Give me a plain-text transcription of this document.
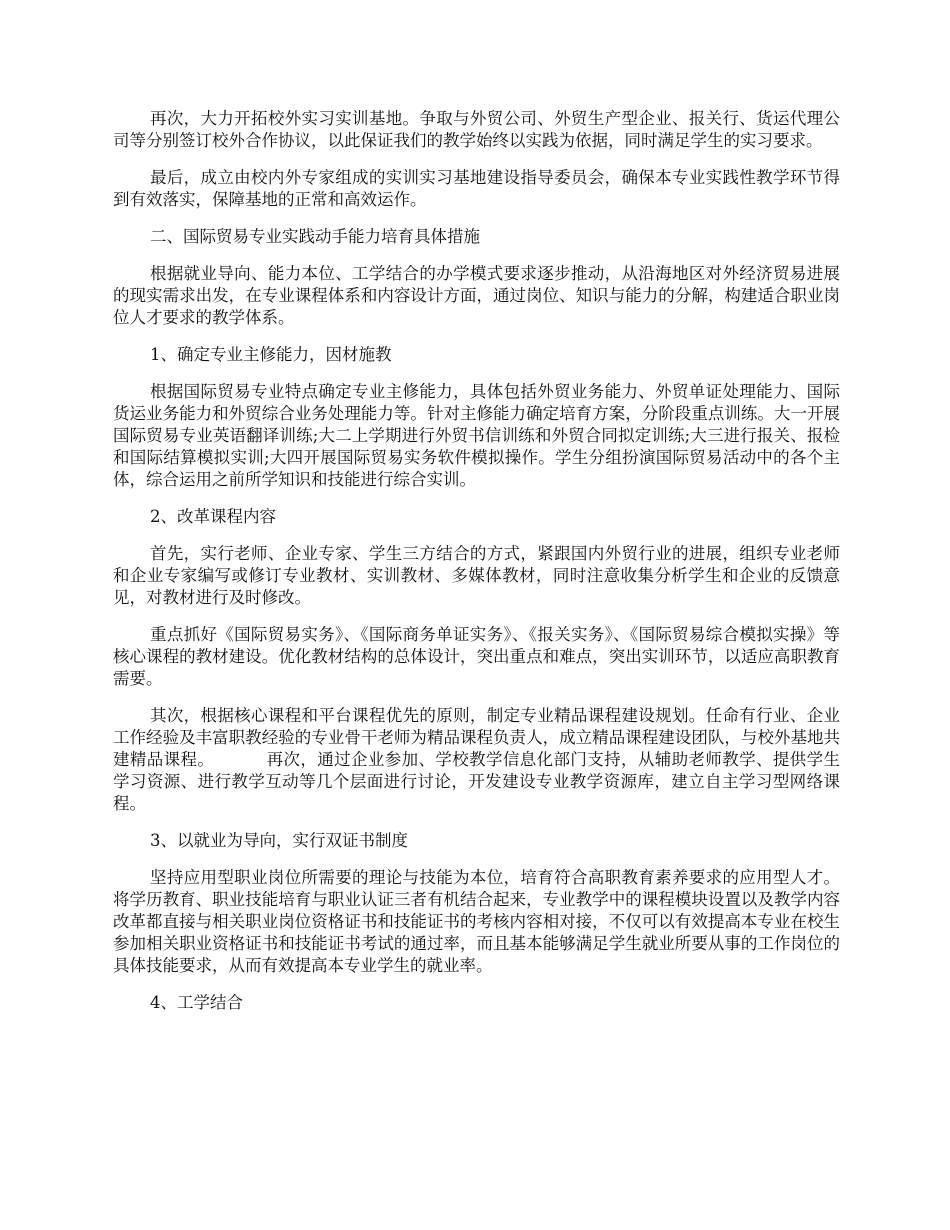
再次，大力开拓校外实习实训基地。争取与外贸公司、外贸生产型企业、报关行、货运代理公司等分别签订校外合作协议，以此保证我们的教学始终以实践为依据，同时满足学生的实习要求。

最后，成立由校内外专家组成的实训实习基地建设指导委员会，确保本专业实践性教学环节得到有效落实，保障基地的正常和高效运作。

二、国际贸易专业实践动手能力培育具体措施

根据就业导向、能力本位、工学结合的办学模式要求逐步推动，从沿海地区对外经济贸易进展的现实需求出发，在专业课程体系和内容设计方面，通过岗位、知识与能力的分解，构建适合职业岗位人才要求的教学体系。

1、确定专业主修能力，因材施教

根据国际贸易专业特点确定专业主修能力，具体包括外贸业务能力、外贸单证处理能力、国际货运业务能力和外贸综合业务处理能力等。针对主修能力确定培育方案，分阶段重点训练。大一开展国际贸易专业英语翻译训练;大二上学期进行外贸书信训练和外贸合同拟定训练;大三进行报关、报检和国际结算模拟实训;大四开展国际贸易实务软件模拟操作。学生分组扮演国际贸易活动中的各个主体，综合运用之前所学知识和技能进行综合实训。

2、改革课程内容

首先，实行老师、企业专家、学生三方结合的方式，紧跟国内外贸行业的进展，组织专业老师和企业专家编写或修订专业教材、实训教材、多媒体教材，同时注意收集分析学生和企业的反馈意见，对教材进行及时修改。

重点抓好《国际贸易实务》、《国际商务单证实务》、《报关实务》、《国际贸易综合模拟实操》等核心课程的教材建设。优化教材结构的总体设计，突出重点和难点，突出实训环节，以适应高职教育需要。

其次，根据核心课程和平台课程优先的原则，制定专业精品课程建设规划。任命有行业、企业工作经验及丰富职教经验的专业骨干老师为精品课程负责人，成立精品课程建设团队，与校外基地共建精品课程。	再次，通过企业参加、学校教学信息化部门支持，从辅助老师教学、提供学生学习资源、进行教学互动等几个层面进行讨论，开发建设专业教学资源库，建立自主学习型网络课程。

3、以就业为导向，实行双证书制度

坚持应用型职业岗位所需要的理论与技能为本位，培育符合高职教育素养要求的应用型人才。将学历教育、职业技能培育与职业认证三者有机结合起来，专业教学中的课程模块设置以及教学内容改革都直接与相关职业岗位资格证书和技能证书的考核内容相对接，不仅可以有效提高本专业在校生参加相关职业资格证书和技能证书考试的通过率，而且基本能够满足学生就业所要从事的工作岗位的具体技能要求，从而有效提高本专业学生的就业率。

4、工学结合
